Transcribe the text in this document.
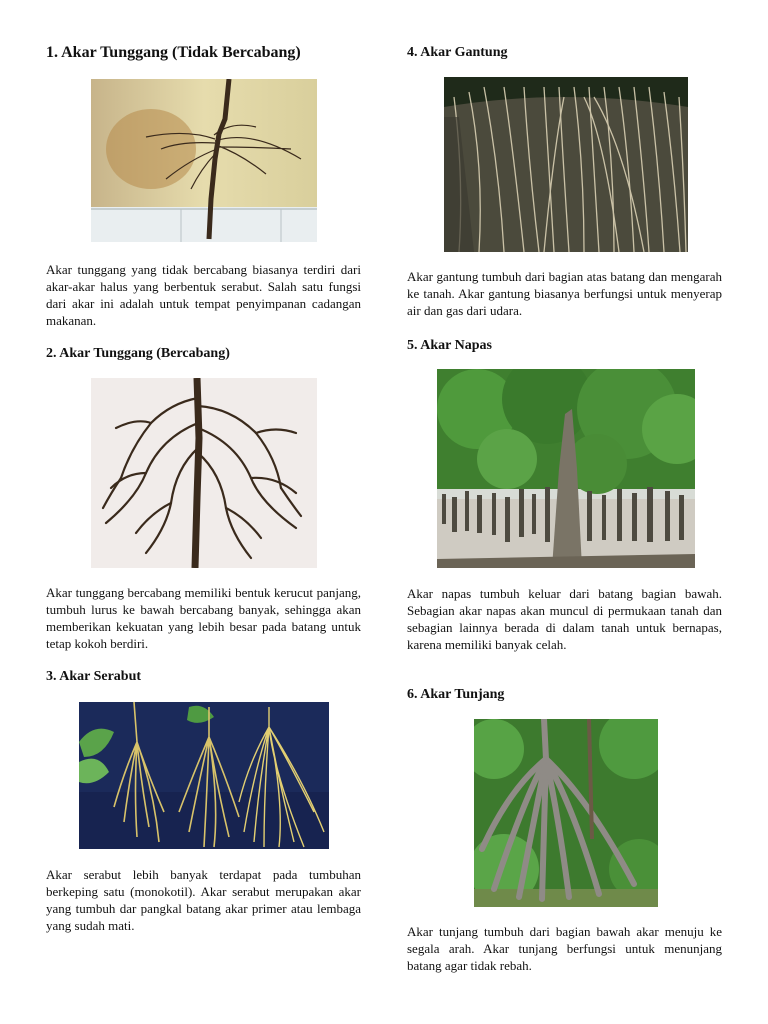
1. Akar Tunggang (Tidak Bercabang)
Akar tunggang yang tidak bercabang biasanya terdiri dari akar-akar halus yang berbentuk serabut. Salah satu fungsi dari akar ini adalah untuk tempat penyimpanan cadangan makanan.
2. Akar Tunggang (Bercabang)
Akar tunggang bercabang memiliki bentuk kerucut panjang, tumbuh lurus ke bawah bercabang banyak, sehingga akan memberikan kekuatan yang lebih besar pada batang untuk tetap kokoh berdiri.
3. Akar Serabut
Akar serabut lebih banyak terdapat pada tumbuhan berkeping satu (monokotil). Akar serabut merupakan akar yang tumbuh dar pangkal batang akar primer atau lembaga yang sudah mati.
4. Akar Gantung
Akar gantung tumbuh dari bagian atas batang dan mengarah ke tanah. Akar gantung biasanya berfungsi untuk menyerap air dan gas dari udara.
5. Akar Napas
Akar napas tumbuh keluar dari batang bagian bawah. Sebagian akar napas akan muncul di permukaan tanah dan sebagian lainnya berada di dalam tanah untuk bernapas, karena memiliki banyak celah.
6. Akar Tunjang
Akar tunjang tumbuh dari bagian bawah akar menuju ke segala arah. Akar tunjang berfungsi untuk menunjang batang agar tidak rebah.
